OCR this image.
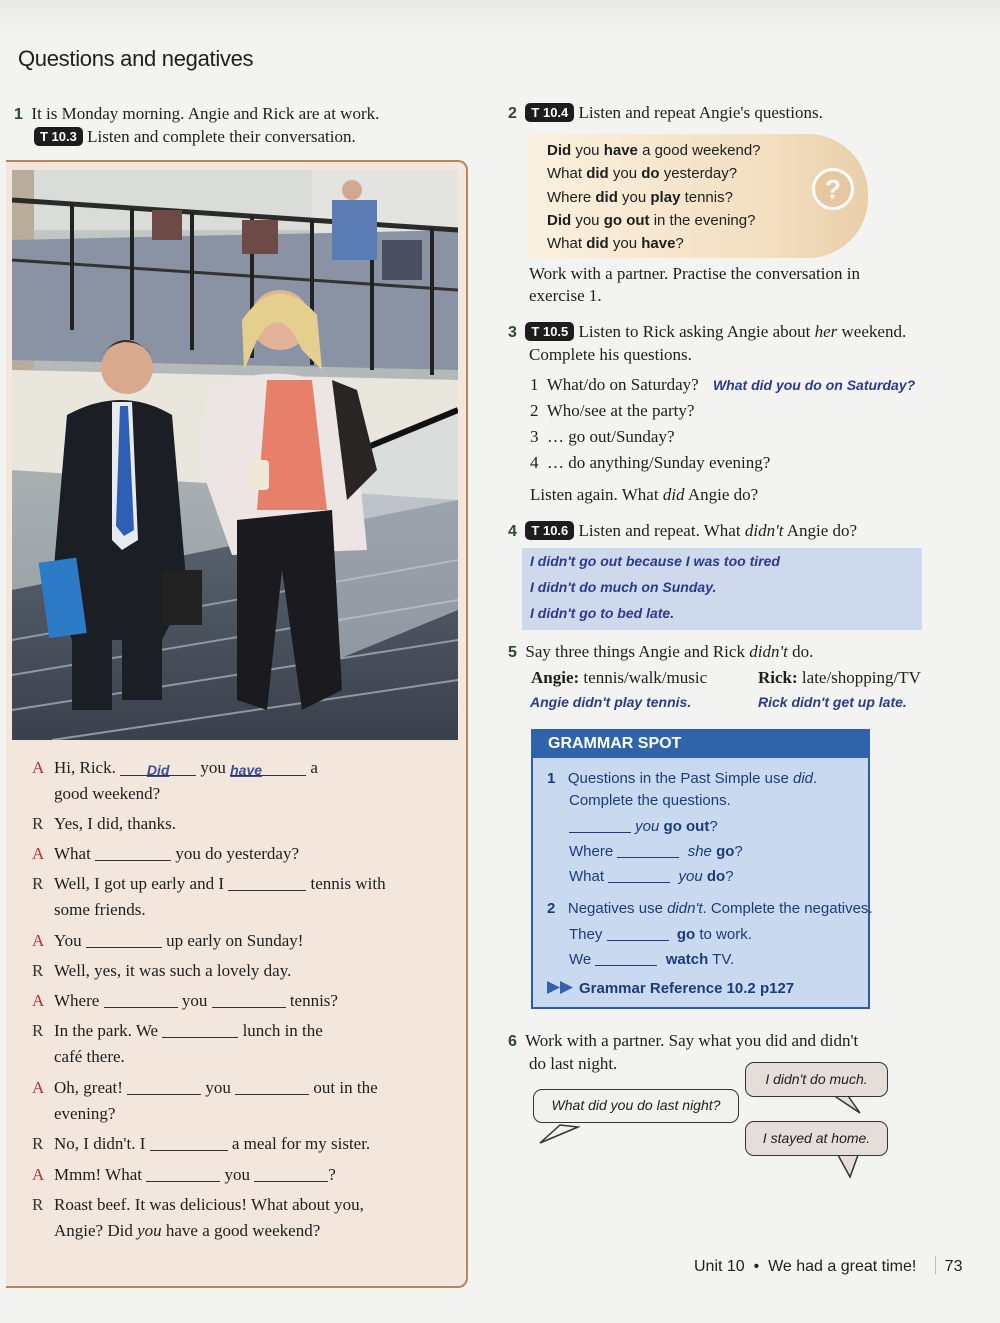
Questions and negatives
1 It is Monday morning. Angie and Rick are at work.
T 10.3 Listen and complete their conversation.
A Hi, Rick. Did you have	a
good weekend?
R Yes, I did, thanks.
A What	you do yesterday?
R Well, I got up early and I	tennis with
some friends.
A You	up early on Sunday!
R Well, yes, it was such a lovely day.
A Where	you	tennis?
R In the park. We	lunch in the
café there.
A Oh, great!	you	out in the
evening?
R No, I didn't. I	a meal for my sister.
A Mmm! What	you	?
R Roast beef. It was delicious! What about you,
Angie? Did you have a good weekend?
2 T 10.4 Listen and repeat Angie's questions.
?
Did you have a good weekend?
What did you do yesterday?
Where did you play tennis?
Did you go out in the evening?
What did you have?
Work with a partner. Practise the conversation in
exercise 1.
3 T 10.5 Listen to Rick asking Angie about her weekend.
Complete his questions.
1 What/do on Saturday? What did you do on Saturday?
2 Who/see at the party?
3 … go out/Sunday?
4 … do anything/Sunday evening?
Listen again. What did Angie do?
4 T 10.6 Listen and repeat. What didn't Angie do?
I didn't go out because I was too tired
I didn't do much on Sunday.
I didn't go to bed late.
5 Say three things Angie and Rick didn't do.
Angie: tennis/walk/music	Rick: late/shopping/TV
Angie didn't play tennis.	Rick didn't get up late.
GRAMMAR SPOT
1 Questions in the Past Simple use did.
Complete the questions.
you go out?
Where	she go?
What	you do?
2 Negatives use didn't. Complete the negatives.
They	go to work.
We	watch TV.
Grammar Reference 10.2 p127
6 Work with a partner. Say what you did and didn't
do last night.
What did you do last night?
I didn't do much.
I stayed at home.
Unit 10 • We had a great time! 73
